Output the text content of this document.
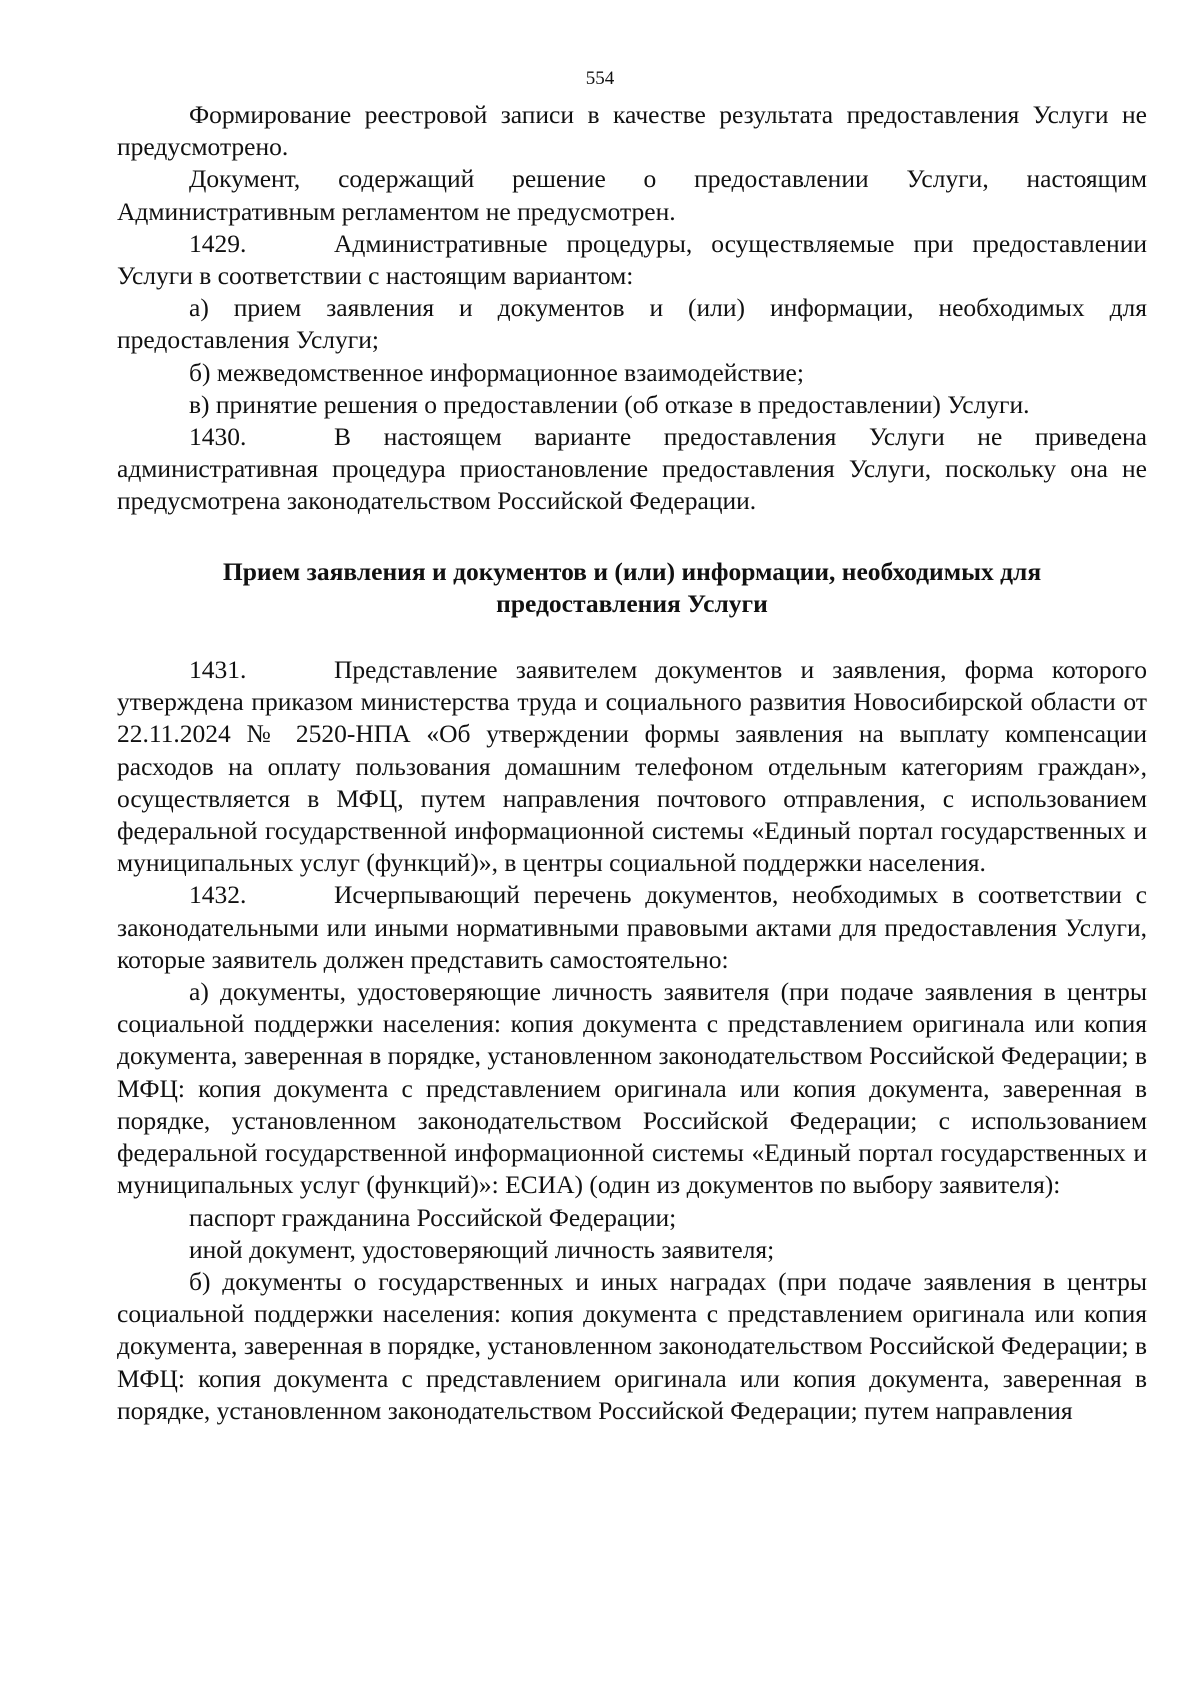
554

Формирование реестровой записи в качестве результата предоставления Услуги не предусмотрено.

Документ, содержащий решение о предоставлении Услуги, настоящим Административным регламентом не предусмотрен.

1429.	Административные процедуры, осуществляемые при предоставлении Услуги в соответствии с настоящим вариантом:

а) прием заявления и документов и (или) информации, необходимых для предоставления Услуги;

б) межведомственное информационное взаимодействие;

в) принятие решения о предоставлении (об отказе в предоставлении) Услуги.

1430.	В настоящем варианте предоставления Услуги не приведена административная процедура приостановление предоставления Услуги, поскольку она не предусмотрена законодательством Российской Федерации.

Прием заявления и документов и (или) информации, необходимых для
предоставления Услуги

1431.	Представление заявителем документов и заявления, форма которого утверждена приказом министерства труда и социального развития Новосибирской области от 22.11.2024 № 2520-НПА «Об утверждении формы заявления на выплату компенсации расходов на оплату пользования домашним телефоном отдельным категориям граждан», осуществляется в МФЦ, путем направления почтового отправления, с использованием федеральной государственной информационной системы «Единый портал государственных и муниципальных услуг (функций)», в центры социальной поддержки населения.

1432.	Исчерпывающий перечень документов, необходимых в соответствии с законодательными или иными нормативными правовыми актами для предоставления Услуги, которые заявитель должен представить самостоятельно:

а) документы, удостоверяющие личность заявителя (при подаче заявления в центры социальной поддержки населения: копия документа с представлением оригинала или копия документа, заверенная в порядке, установленном законодательством Российской Федерации; в МФЦ: копия документа с представлением оригинала или копия документа, заверенная в порядке, установленном законодательством Российской Федерации; с использованием федеральной государственной информационной системы «Единый портал государственных и муниципальных услуг (функций)»: ЕСИА) (один из документов по выбору заявителя):

паспорт гражданина Российской Федерации;

иной документ, удостоверяющий личность заявителя;

б) документы о государственных и иных наградах (при подаче заявления в центры социальной поддержки населения: копия документа с представлением оригинала или копия документа, заверенная в порядке, установленном законодательством Российской Федерации; в МФЦ: копия документа с представлением оригинала или копия документа, заверенная в порядке, установленном законодательством Российской Федерации; путем направления
